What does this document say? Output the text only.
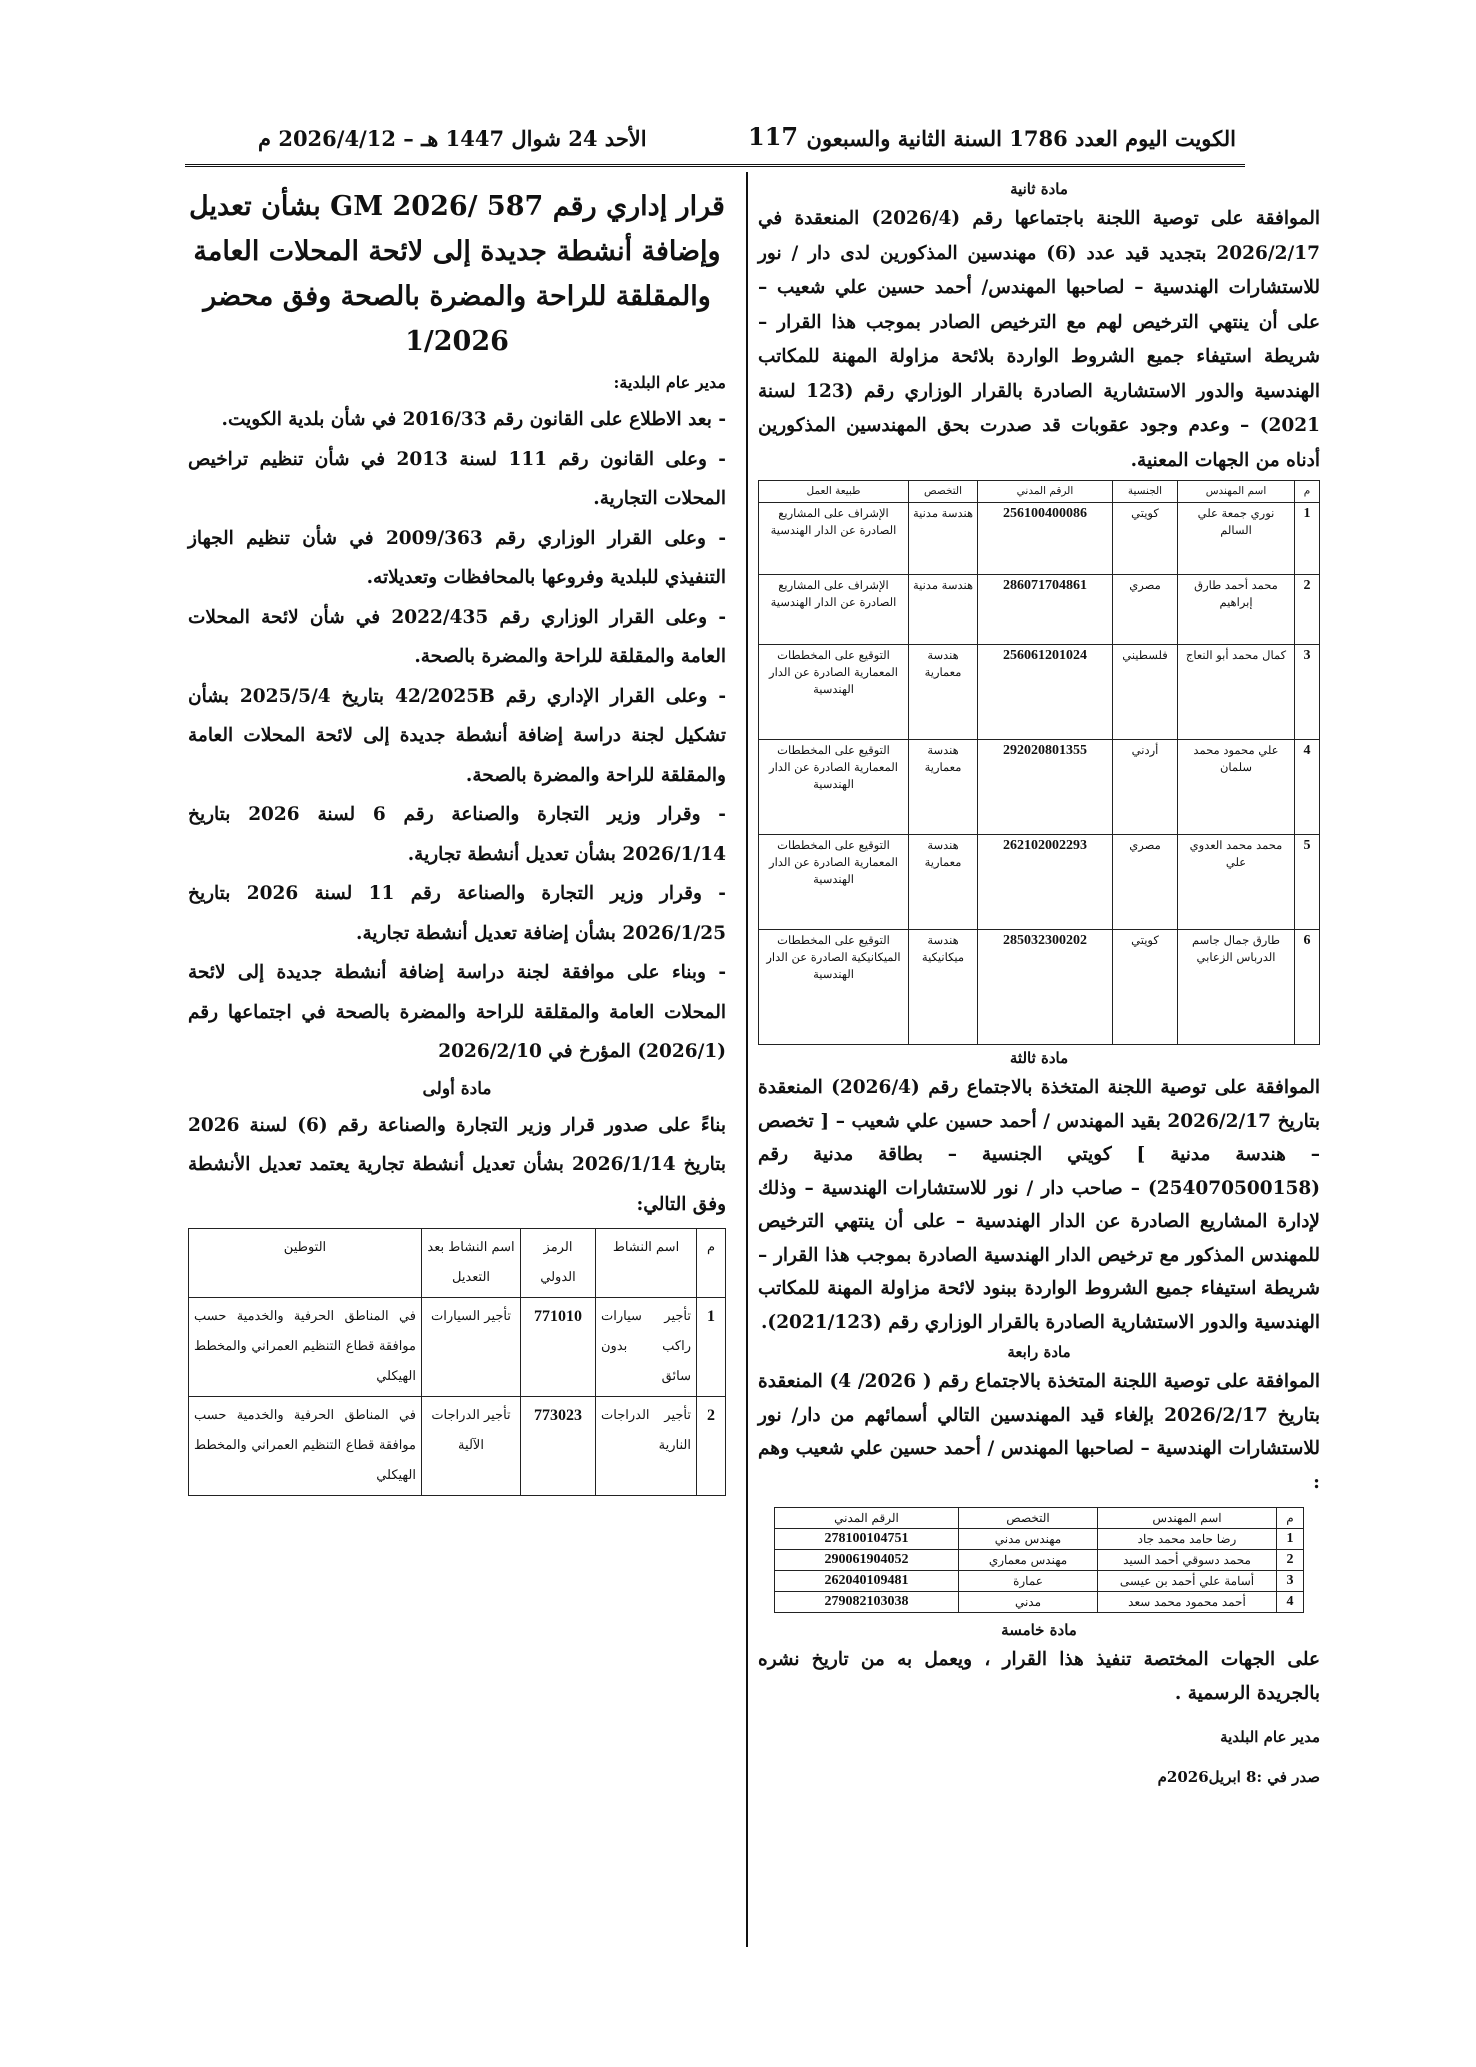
الكويت اليوم العدد 1786 السنة الثانية والسبعون
117
الأحد 24 شوال 1447 هـ – 2026/4/12 م
مادة ثانية

الموافقة على توصية اللجنة باجتماعها رقم (2026/4) المنعقدة في 2026/2/17 بتجديد قيد عدد (6) مهندسين المذكورين لدى دار / نور للاستشارات الهندسية – لصاحبها المهندس/ أحمد حسين علي شعيب – على أن ينتهي الترخيص لهم مع الترخيص الصادر بموجب هذا القرار – شريطة استيفاء جميع الشروط الواردة بلائحة مزاولة المهنة للمكاتب الهندسية والدور الاستشارية الصادرة بالقرار الوزاري رقم (123 لسنة 2021) – وعدم وجود عقوبات قد صدرت بحق المهندسين المذكورين أدناه من الجهات المعنية.

م	اسم المهندس	الجنسية	الرقم المدني	التخصص	طبيعة العمل
1	نوري جمعة علي السالم	كويتي	256100400086	هندسة مدنية	الإشراف على المشاريع الصادرة عن الدار الهندسية
2	محمد أحمد طارق إبراهيم	مصري	286071704861	هندسة مدنية	الإشراف على المشاريع الصادرة عن الدار الهندسية
3	كمال محمد أبو النعاج	فلسطيني	256061201024	هندسة معمارية	التوقيع على المخططات المعمارية الصادرة عن الدار الهندسية
4	علي محمود محمد سلمان	أردني	292020801355	هندسة معمارية	التوقيع على المخططات المعمارية الصادرة عن الدار الهندسية
5	محمد محمد العدوي علي	مصري	262102002293	هندسة معمارية	التوقيع على المخططات المعمارية الصادرة عن الدار الهندسية
6	طارق جمال جاسم الدرباس الزعابي	كويتي	285032300202	هندسة ميكانيكية	التوقيع على المخططات الميكانيكية الصادرة عن الدار الهندسية
مادة ثالثة

الموافقة على توصية اللجنة المتخذة بالاجتماع رقم (2026/4) المنعقدة بتاريخ 2026/2/17 بقيد المهندس / أحمد حسين علي شعيب – [ تخصص – هندسة مدنية ] كويتي الجنسية – بطاقة مدنية رقم (254070500158) – صاحب دار / نور للاستشارات الهندسية – وذلك لإدارة المشاريع الصادرة عن الدار الهندسية – على أن ينتهي الترخيص للمهندس المذكور مع ترخيص الدار الهندسية الصادرة بموجب هذا القرار – شريطة استيفاء جميع الشروط الواردة ببنود لائحة مزاولة المهنة للمكاتب الهندسية والدور الاستشارية الصادرة بالقرار الوزاري رقم (2021/123).

مادة رابعة

الموافقة على توصية اللجنة المتخذة بالاجتماع رقم ( 2026/ 4) المنعقدة بتاريخ 2026/2/17 بإلغاء قيد المهندسين التالي أسمائهم من دار/ نور للاستشارات الهندسية – لصاحبها المهندس / أحمد حسين علي شعيب وهم :

م	اسم المهندس	التخصص	الرقم المدني
1	رضا حامد محمد جاد	مهندس مدني	278100104751
2	محمد دسوقي أحمد السيد	مهندس معماري	290061904052
3	أسامة علي أحمد بن عيسى	عمارة	262040109481
4	أحمد محمود محمد سعد	مدني	279082103038
مادة خامسة

على الجهات المختصة تنفيذ هذا القرار ، ويعمل به من تاريخ نشره بالجريدة الرسمية .

مدير عام البلدية
صدر في :8 ابريل2026م
قرار إداري رقم 587 /GM 2026 بشأن تعديل وإضافة أنشطة جديدة إلى لائحة المحلات العامة والمقلقة للراحة والمضرة بالصحة وفق محضر 1/2026

مدير عام البلدية:

- بعد الاطلاع على القانون رقم 2016/33 في شأن بلدية الكويت.

- وعلى القانون رقم 111 لسنة 2013 في شأن تنظيم تراخيص المحلات التجارية.

- وعلى القرار الوزاري رقم 2009/363 في شأن تنظيم الجهاز التنفيذي للبلدية وفروعها بالمحافظات وتعديلاته.

- وعلى القرار الوزاري رقم 2022/435 في شأن لائحة المحلات العامة والمقلقة للراحة والمضرة بالصحة.

- وعلى القرار الإداري رقم 42/2025B بتاريخ 2025/5/4 بشأن تشكيل لجنة دراسة إضافة أنشطة جديدة إلى لائحة المحلات العامة والمقلقة للراحة والمضرة بالصحة.

- وقرار وزير التجارة والصناعة رقم 6 لسنة 2026 بتاريخ 2026/1/14 بشأن تعديل أنشطة تجارية.

- وقرار وزير التجارة والصناعة رقم 11 لسنة 2026 بتاريخ 2026/1/25 بشأن إضافة تعديل أنشطة تجارية.

- وبناء على موافقة لجنة دراسة إضافة أنشطة جديدة إلى لائحة المحلات العامة والمقلقة للراحة والمضرة بالصحة في اجتماعها رقم (2026/1) المؤرخ في 2026/2/10

مادة أولى

بناءً على صدور قرار وزير التجارة والصناعة رقم (6) لسنة 2026 بتاريخ 2026/1/14 بشأن تعديل أنشطة تجارية يعتمد تعديل الأنشطة وفق التالي:

م	اسم النشاط	الرمز الدولي	اسم النشاط بعد التعديل	التوطين
1	تأجير سيارات راكب بدون سائق	771010	تأجير السيارات	في المناطق الحرفية والخدمية حسب موافقة قطاع التنظيم العمراني والمخطط الهيكلي
2	تأجير الدراجات النارية	773023	تأجير الدراجات الآلية	في المناطق الحرفية والخدمية حسب موافقة قطاع التنظيم العمراني والمخطط الهيكلي
